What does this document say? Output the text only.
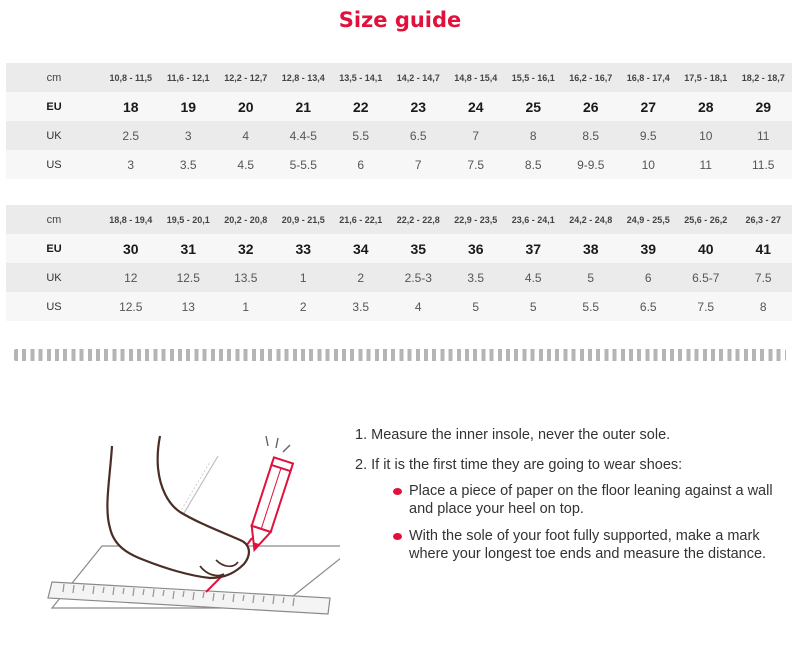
Size guide
cm	10,8 - 11,5	11,6 - 12,1	12,2 - 12,7	12,8 - 13,4	13,5 - 14,1	14,2 - 14,7	14,8 - 15,4	15,5 - 16,1	16,2 - 16,7	16,8 - 17,4	17,5 - 18,1	18,2 - 18,7
EU	18	19	20	21	22	23	24	25	26	27	28	29
UK	2.5	3	4	4.4-5	5.5	6.5	7	8	8.5	9.5	10	11
US	3	3.5	4.5	5-5.5	6	7	7.5	8.5	9-9.5	10	11	11.5
cm	18,8 - 19,4	19,5 - 20,1	20,2 - 20,8	20,9 - 21,5	21,6 - 22,1	22,2 - 22,8	22,9 - 23,5	23,6 - 24,1	24,2 - 24,8	24,9 - 25,5	25,6 - 26,2	26,3 - 27
EU	30	31	32	33	34	35	36	37	38	39	40	41
UK	12	12.5	13.5	1	2	2.5-3	3.5	4.5	5	6	6.5-7	7.5
US	12.5	13	1	2	3.5	4	5	5	5.5	6.5	7.5	8
1. Measure the inner insole, never the outer sole.
2. If it is the first time they are going to wear shoes:
Place a piece of paper on the floor leaning against a wall and place your heel on top.
With the sole of your foot fully supported, make a mark where your longest toe ends and measure the distance.
